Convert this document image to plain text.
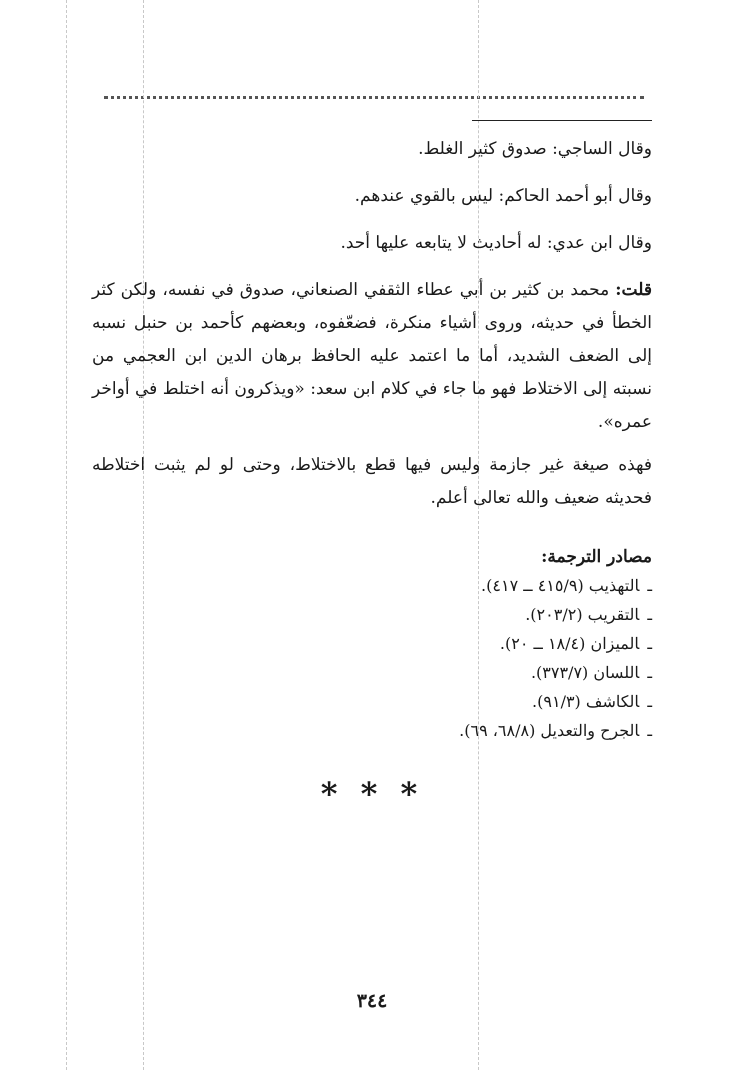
وقال الساجي: صدوق كثير الغلط.

وقال أبو أحمد الحاكم: ليس بالقوي عندهم.

وقال ابن عدي: له أحاديث لا يتابعه عليها أحد.

قلت: محمد بن كثير بن أبي عطاء الثقفي الصنعاني، صدوق في نفسه، ولكن كثر الخطأ في حديثه، وروى أشياء منكرة، فضعّفوه، وبعضهم كأحمد بن حنبل نسبه إلى الضعف الشديد، أما ما اعتمد عليه الحافظ برهان الدين ابن العجمي من نسبته إلى الاختلاط فهو ما جاء في كلام ابن سعد: «ويذكرون أنه اختلط في أواخر عمره».

فهذه صيغة غير جازمة وليس فيها قطع بالاختلاط، وحتى لو لم يثبت اختلاطه فحديثه ضعيف والله تعالى أعلم.

مصادر الترجمة:
ـالتهذيب (٤١٥/٩ ــ ٤١٧).
ـالتقريب (٢٠٣/٢).
ـالميزان (١٨/٤ ــ ٢٠).
ـاللسان (٣٧٣/٧).
ـالكاشف (٩١/٣).
ـالجرح والتعديل (٦٨/٨، ٦٩).
* * *
٣٤٤
